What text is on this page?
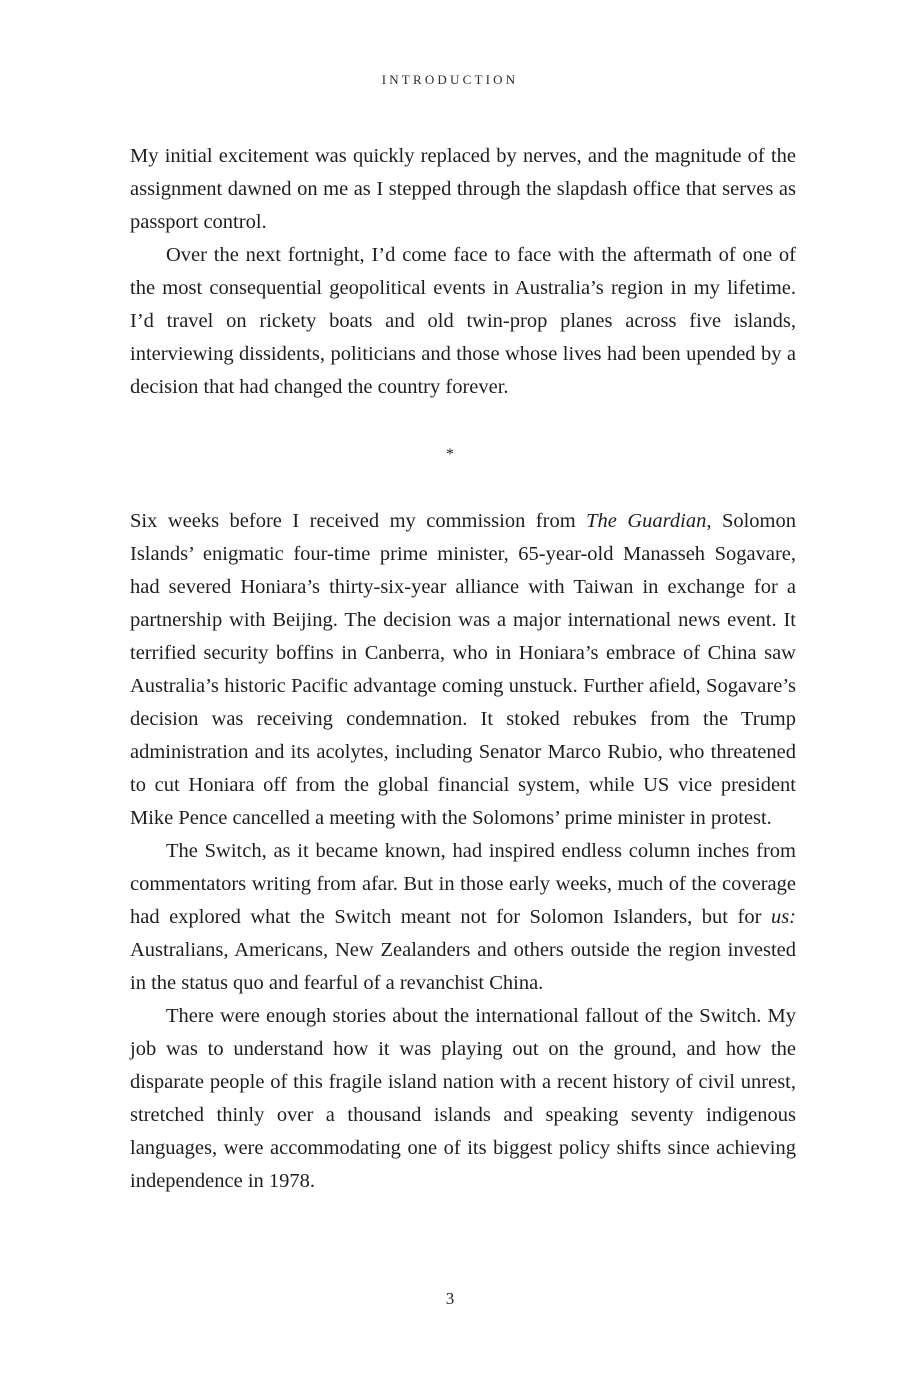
INTRODUCTION

My initial excitement was quickly replaced by nerves, and the magnitude of the assignment dawned on me as I stepped through the slapdash office that serves as passport control.

Over the next fortnight, I’d come face to face with the aftermath of one of the most consequential geopolitical events in Australia’s region in my lifetime. I’d travel on rickety boats and old twin-prop planes across five islands, interviewing dissidents, politicians and those whose lives had been upended by a decision that had changed the country forever.

*

Six weeks before I received my commission from The Guardian, Solomon Islands’ enigmatic four-time prime minister, 65-year-old Manasseh Sogavare, had severed Honiara’s thirty-six-year alliance with Taiwan in exchange for a partnership with Beijing. The decision was a major international news event. It terrified security boffins in Canberra, who in Honiara’s embrace of China saw Australia’s historic Pacific advantage coming unstuck. Further afield, Sogavare’s decision was receiving condemnation. It stoked rebukes from the Trump administration and its acolytes, including Senator Marco Rubio, who threatened to cut Honiara off from the global financial system, while US vice president Mike Pence cancelled a meeting with the Solomons’ prime minister in protest.

The Switch, as it became known, had inspired endless column inches from commentators writing from afar. But in those early weeks, much of the coverage had explored what the Switch meant not for Solomon Islanders, but for us: Australians, Americans, New Zealanders and others outside the region invested in the status quo and fearful of a revanchist China.

There were enough stories about the international fallout of the Switch. My job was to understand how it was playing out on the ground, and how the disparate people of this fragile island nation with a recent history of civil unrest, stretched thinly over a thousand islands and speaking seventy indigenous languages, were accommodating one of its biggest policy shifts since achieving independence in 1978.

3
